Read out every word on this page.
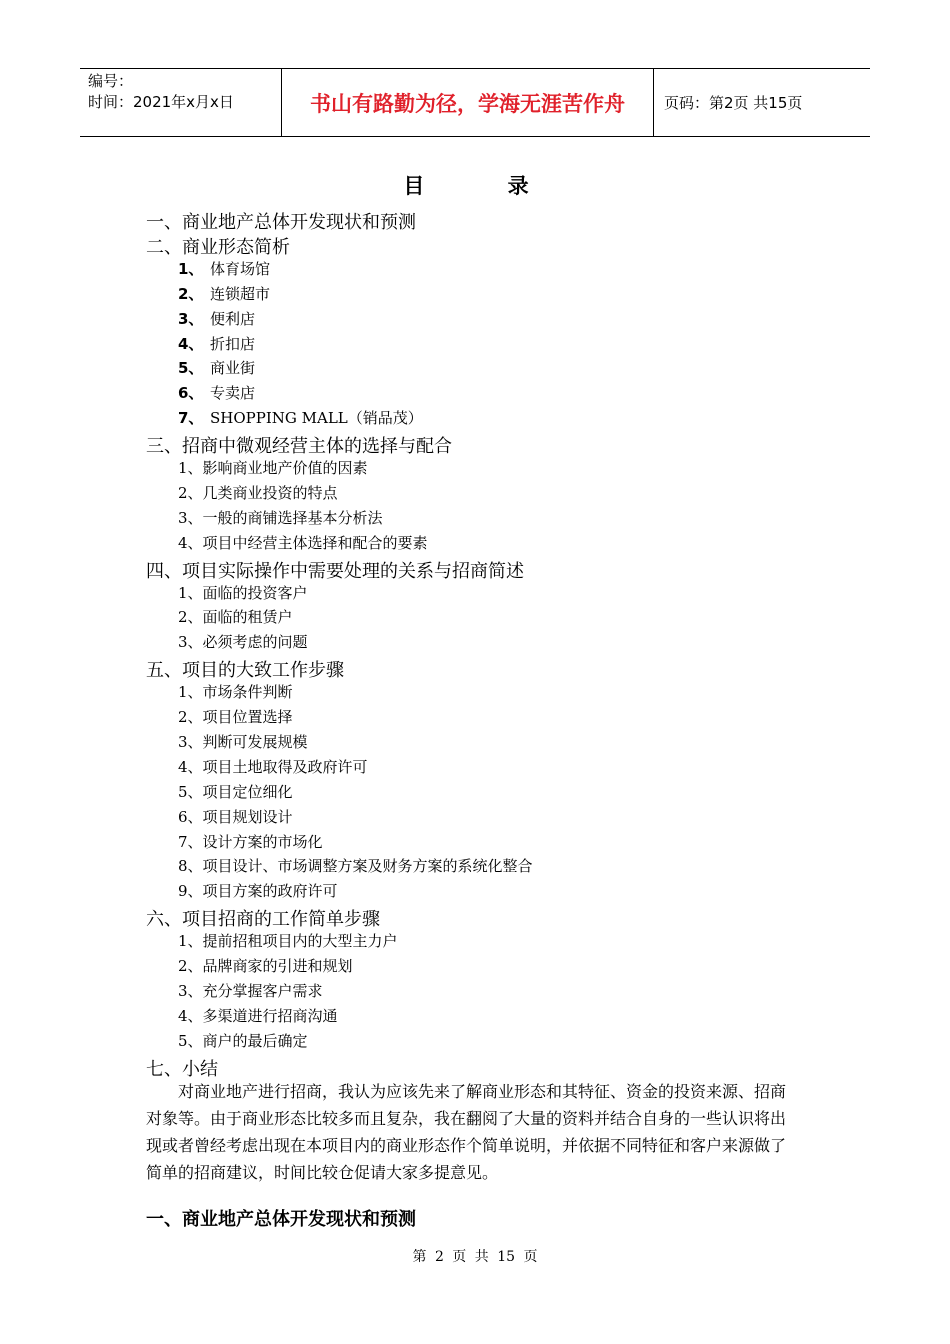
编号：
时间：2021年x月x日	书山有路勤为径，学海无涯苦作舟	页码：第2页 共15页
目 录
一、商业地产总体开发现状和预测
二、商业形态简析
1、 体育场馆
2、 连锁超市
3、 便利店
4、 折扣店
5、 商业街
6、 专卖店
7、 SHOPPING MALL（销品茂）
三、招商中微观经营主体的选择与配合
1、影响商业地产价值的因素
2、几类商业投资的特点
3、一般的商铺选择基本分析法
4、项目中经营主体选择和配合的要素
四、项目实际操作中需要处理的关系与招商简述
1、面临的投资客户
2、面临的租赁户
3、必须考虑的问题
五、项目的大致工作步骤
1、市场条件判断
2、项目位置选择
3、判断可发展规模
4、项目土地取得及政府许可
5、项目定位细化
6、项目规划设计
7、设计方案的市场化
8、项目设计、市场调整方案及财务方案的系统化整合
9、项目方案的政府许可
六、项目招商的工作简单步骤
1、提前招租项目内的大型主力户
2、品牌商家的引进和规划
3、充分掌握客户需求
4、多渠道进行招商沟通
5、商户的最后确定
七、小结
对商业地产进行招商，我认为应该先来了解商业形态和其特征、资金的投资来源、招商对象等。由于商业形态比较多而且复杂，我在翻阅了大量的资料并结合自身的一些认识将出现或者曾经考虑出现在本项目内的商业形态作个简单说明，并依据不同特征和客户来源做了简单的招商建议，时间比较仓促请大家多提意见。
一、商业地产总体开发现状和预测
第 2 页 共 15 页
